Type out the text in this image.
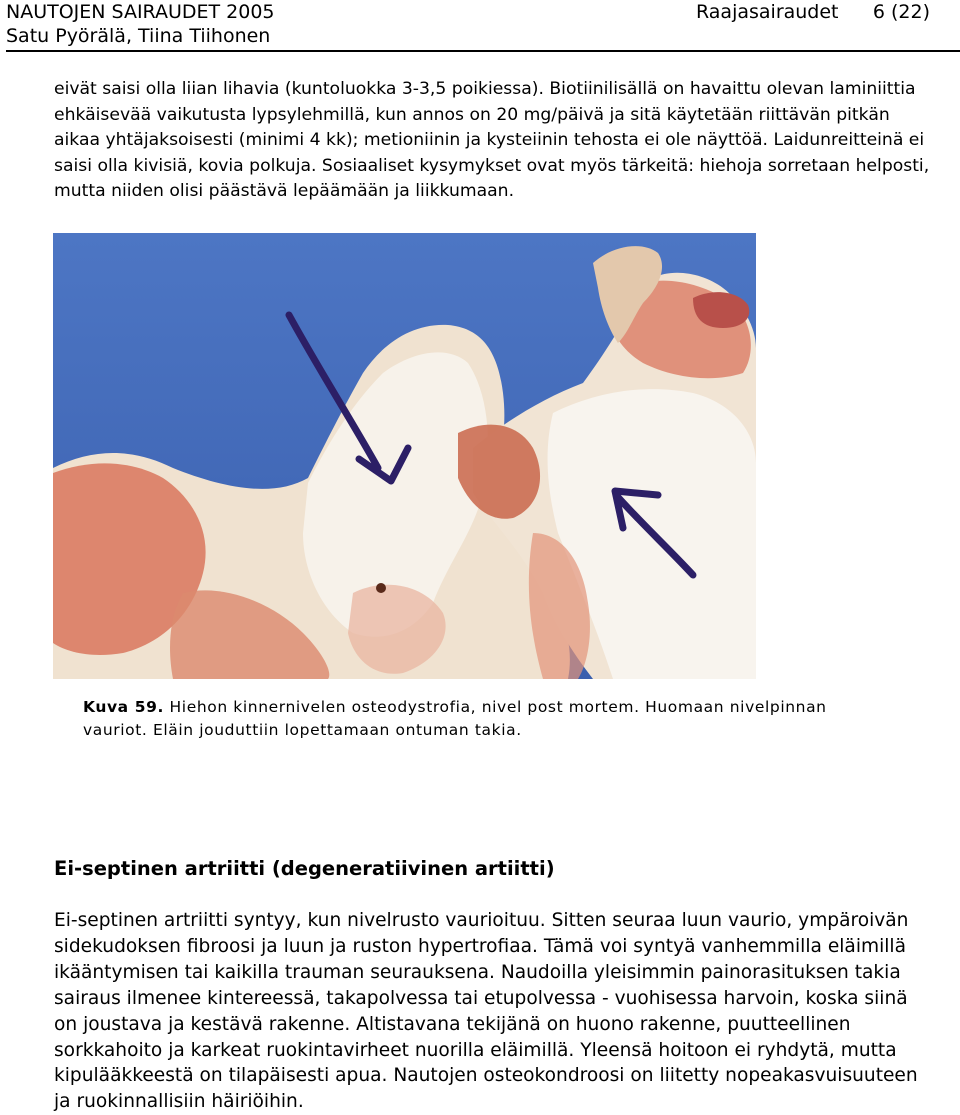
NAUTOJEN SAIRAUDET 2005
Satu Pyörälä, Tiina Tiihonen
Raajasairaudet 6 (22)

eivät saisi olla liian lihavia (kuntoluokka 3-3,5 poikiessa). Biotiinilisällä on havaittu olevan laminiittia ehkäisevää vaikutusta lypsylehmillä, kun annos on 20 mg/päivä ja sitä käytetään riittävän pitkän aikaa yhtäjaksoisesti (minimi 4 kk); metioniinin ja kysteiinin tehosta ei ole näyttöä. Laidunreitteinä ei saisi olla kivisiä, kovia polkuja. Sosiaaliset kysymykset ovat myös tärkeitä: hiehoja sorretaan helposti, mutta niiden olisi päästävä lepäämään ja liikkumaan.

Kuva 59. Hiehon kinnernivelen osteodystrofia, nivel post mortem. Huomaan nivelpinnan vauriot. Eläin jouduttiin lopettamaan ontuman takia.

Ei-septinen artriitti (degeneratiivinen artiitti)

Ei-septinen artriitti syntyy, kun nivelrusto vaurioituu. Sitten seuraa luun vaurio, ympäroivän sidekudoksen fibroosi ja luun ja ruston hypertrofiaa. Tämä voi syntyä vanhemmilla eläimillä ikääntymisen tai kaikilla trauman seurauksena. Naudoilla yleisimmin painorasituksen takia sairaus ilmenee kintereessä, takapolvessa tai etupolvessa - vuohisessa harvoin, koska siinä on joustava ja kestävä rakenne. Altistavana tekijänä on huono rakenne, puutteellinen sorkkahoito ja karkeat ruokintavirheet nuorilla eläimillä. Yleensä hoitoon ei ryhdytä, mutta kipulääkkeestä on tilapäisesti apua. Nautojen osteokondroosi on liitetty nopeakasvuisuuteen ja ruokinnallisiin häiriöihin.
